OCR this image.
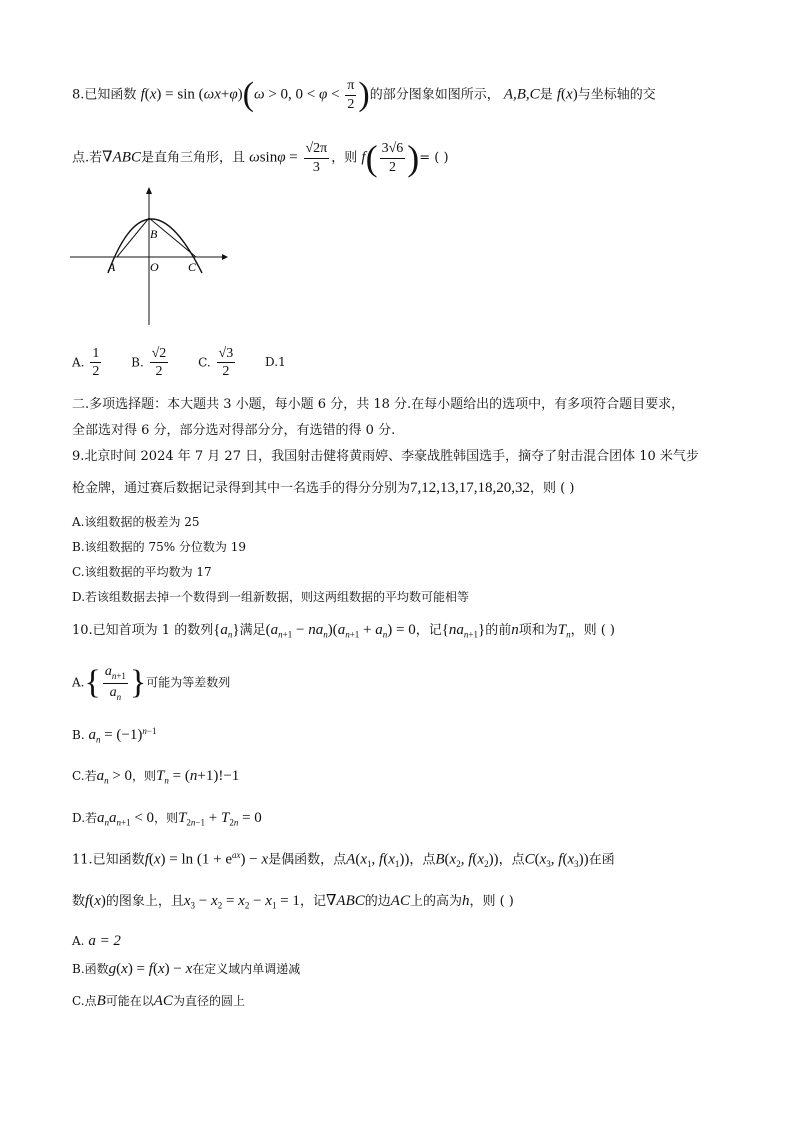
8.已知函数 f(x) = sin (ωx+φ)(ω > 0, $0 < \varphi < \frac{\pi}{2}$ )的部分图象如图所示， A,B,C是 f(x)与坐标轴的交
点.若∇ABC是直角三角形，且 $\omega\sin\varphi = \frac{√2\pi}{3}$ ，则 $f( \frac{3√6}{2}$ )= ( )
A
B
O C
A. $\frac{1}{2} B$. $\frac{√2}{2} C$. $\frac{√3}{2} D.1$
二.多项选择题：本大题共 3 小题，每小题 6 分，共 18 分.在每小题给出的选项中，有多项符合题目要求，
全部选对得 6 分，部分选对得部分分，有选错的得 0 分.
9.北京时间 2024 年 7 月 27 日，我国射击健将黄雨婷、李豪战胜韩国选手，摘夺了射击混合团体 10 米气步
枪金牌，通过赛后数据记录得到其中一名选手的得分分别为7,12,13,17,18,20,32，则 ( )
A.该组数据的极差为 25
B.该组数据的 75% 分位数为 19
C.该组数据的平均数为 17
D.若该组数据去掉一个数得到一组新数据，则这两组数据的平均数可能相等
10.已知首项为 1 的数列$\{a_n\}$满足$(a_{n+1} - na_n)(a_{n+1} + a_n) = 0$，记$\{na_{n+1}\}$的前n项和为$T_n$，则 ( )
$A.\{ \frac{a_{n+1}}{a_n}$ }可能为等差数列
B. $a_n = (-1)^{n-1}$
C.若$a_n > 0$，则$T_n = (n+1)!-1$
D.若$a_na_{n+1} < 0$，则$T_{2n-1} + T_{2n} = 0$
11.已知函数$f(x) = \ln (1 + e^{ax}) - x$是偶函数，点$A(x_1$, $f(x_1)$)，点$B(x_2$, $f(x_2)$)，点$C(x_3$, $f(x_3)$)在函
数f(x)的图象上，且$x_3 - x_2 = x_2 - x_1 = 1$，记∇ABC的边AC上的高为h，则 ( )
A. a = 2
B.函数g(x) = f(x) − x在定义域内单调递减
C.点B可能在以AC为直径的圆上
